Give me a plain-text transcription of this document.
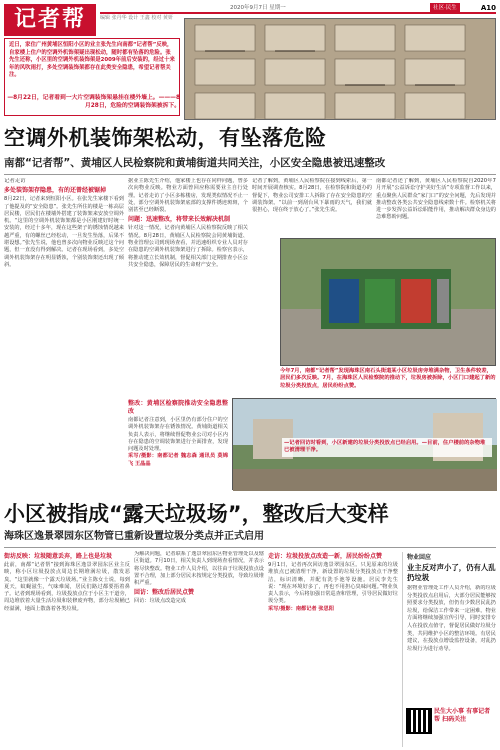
记者帮	2020年9月7日 星期一	社区·民生	A10
编辑 张丹华 设计 王鑫 校对 黄妍

近日，家住广州黄埔区恒阳小区的业主张先生向南都“记者帮”反映，自家楼上住户的空调外机饰架疑出现松动，随时都有坠落的危险。张先生还称，小区里的空调外机装饰架是2009年前后安装的，经过十来年的风吹雨打，多处空调装饰架都存在此类安全隐患，希望记者帮关注。

—8月22日，记者看到一大片空调装饰架悬挂在楼外墙上。———8月28日，危险的空调装饰架被拆下。
空调外机装饰架松动，有坠落危险
南都“记者帮”、黄埔区人民检察院和黄埔街道共同关注，小区安全隐患被迅速整改
记者走访
多处装饰架存隐患，有的还曾经被锯掉

8月22日，记者来到恒阳小区。在张先生家楼下看到了他提及的“安全隐患”。张先生所住的楼是一栋高层居民楼，居民们在楼墙外搭建了装饰架来安放空调外机。“这里的空调外机装饰架都是小区刚建好时统一安装的，经过十多年，现在这些架子的锈蚀情况越来越严重，有的螺丝已经松动，一旦发生坠落，后果不堪设想。”张先生说，他也曾多次向物业反映过这个问题，但一直没有得到解决。记者在现场看到，多处空调外机装饰架存在明显锈蚀，个别装饰架还出现了倾斜。

据业主陈先生介绍，他家楼上也存在同样问题，曾多次向物业反映。物业方面曾回应称需要业主自行处理。记者走访了小区多栋楼房，发现类似情况不止一处，部分空调外机装饰架底部的支撑件锈迹斑斑，个别甚至已经断裂。

问题：迅速整改，将带来长效解决机制

针对这一情况，记者向黄埔区人民检察院反映了相关情况。8月28日，黄埔区人民检察院会同黄埔街道、物业管理公司到现场查看，并迅速组织专业人员对存在隐患的空调外机装饰架进行了拆除。检察官表示，将推动建立长效机制，督促相关部门定期排查小区公共安全隐患，保障居民的生命财产安全。

记者了解到，黄埔区人民检察院在接到线索后，第一时间开展调查核实。8月28日，在检察院和街道办的督促下，物业公司安排工人拆除了存在安全隐患的空调装饰架。“以前一到刮台风下暴雨的天气，我们就很担心，现在终于放心了。”张先生说。

南都记者还了解到，黄埔区人民检察院自2020年7月开展“公益诉讼守护美好生活”专项监督工作以来，重点聚焦人民群众“家门口”的安全问题，先后发现并推动整改各类公共安全隐患线索数十件。检察机关将进一步发挥公益诉讼职能作用，推动解决群众身边的急难愁盼问题。

整改：黄埔区检察院推动安全隐患整改

南都记者注意到，小区里仍有部分住户的空调外机装饰架存在锈蚀情况。黄埔街道相关负责人表示，将继续督促物业公司对小区内存在隐患的空调装饰架进行全面排查，发现问题及时处理。

采写/摄影：南都记者 魏志森 通讯员 莫锦飞 王晶晶

今年7月，南都“记者帮”发现海珠区南石头街道某小区垃圾房旁堆满杂物，卫生条件较差，居民们多次反映。7月，在海珠区人民检察院的推动下，垃圾房被拆除，小区门口建起了新的垃圾分类投放点，居民纷纷点赞。
—记者回访时看到，小区新建的垃圾分类投放点已经启用。—目前，住户楼前的杂物堆已被清理干净。
小区被指成“露天垃圾场”，整改后大变样
海珠区逸景翠园东区物管已重新设置垃圾分类点并正式启用
街坊反映：垃圾随意丢弃，路上也是垃圾

此前，南都“记者帮”接到海珠区逸景翠园东区业主反映，称小区垃圾投放点周边长期堆满垃圾，散发恶臭。“这里就像一个露天垃圾场。”业主陈女士说，每到夏天，蚊蝇滋生，气味难闻，居民们路过都要捂着鼻子。记者到现场看到，垃圾投放点位于小区主干道旁，周边堆放着大量生活垃圾和装修废弃物，部分垃圾桶已经溢满，地面上散落着各类垃圾。

为解决问题，记者联系了逸景翠园东区物业管理处以及辖区街道。7月10日，相关负责人到现场查看情况，并表示将尽快整改。物业工作人员介绍，以往由于垃圾投放点设置不合理，加上部分居民未按规定分类投放，导致垃圾堆积严重。

回访：整改后居民点赞

回访：垃圾点改造完成

走访：垃圾投放点改造一新，居民纷纷点赞

9月1日，记者再次回访逸景翠园东区。只见原来的垃圾堆放点已被清理干净，新设置的垃圾分类投放点干净整洁，标识清晰，并配有洗手池等设施。居民李先生说：“现在环境好多了，再也不用担心臭味问题。”物业负责人表示，今后将加强日常巡查和管理，引导居民做好垃圾分类。

采写/摄影：南都记者 张思阳

物业回应
业主反对声小了，仍有人乱扔垃圾
据物业管理处工作人员介绍，新的垃圾分类投放点启用后，大部分居民能够按照要求分类投放，但仍有少数居民乱扔垃圾，给保洁工作带来一定困难。物业方面将继续加强宣传引导，同时安排专人在投放点值守，督促居民做好垃圾分类，共同维护小区的整洁环境。有居民建议，在投放点增设监控设备，对乱扔垃圾行为进行劝导。
民生大小事 有事记者帮 扫码关注
